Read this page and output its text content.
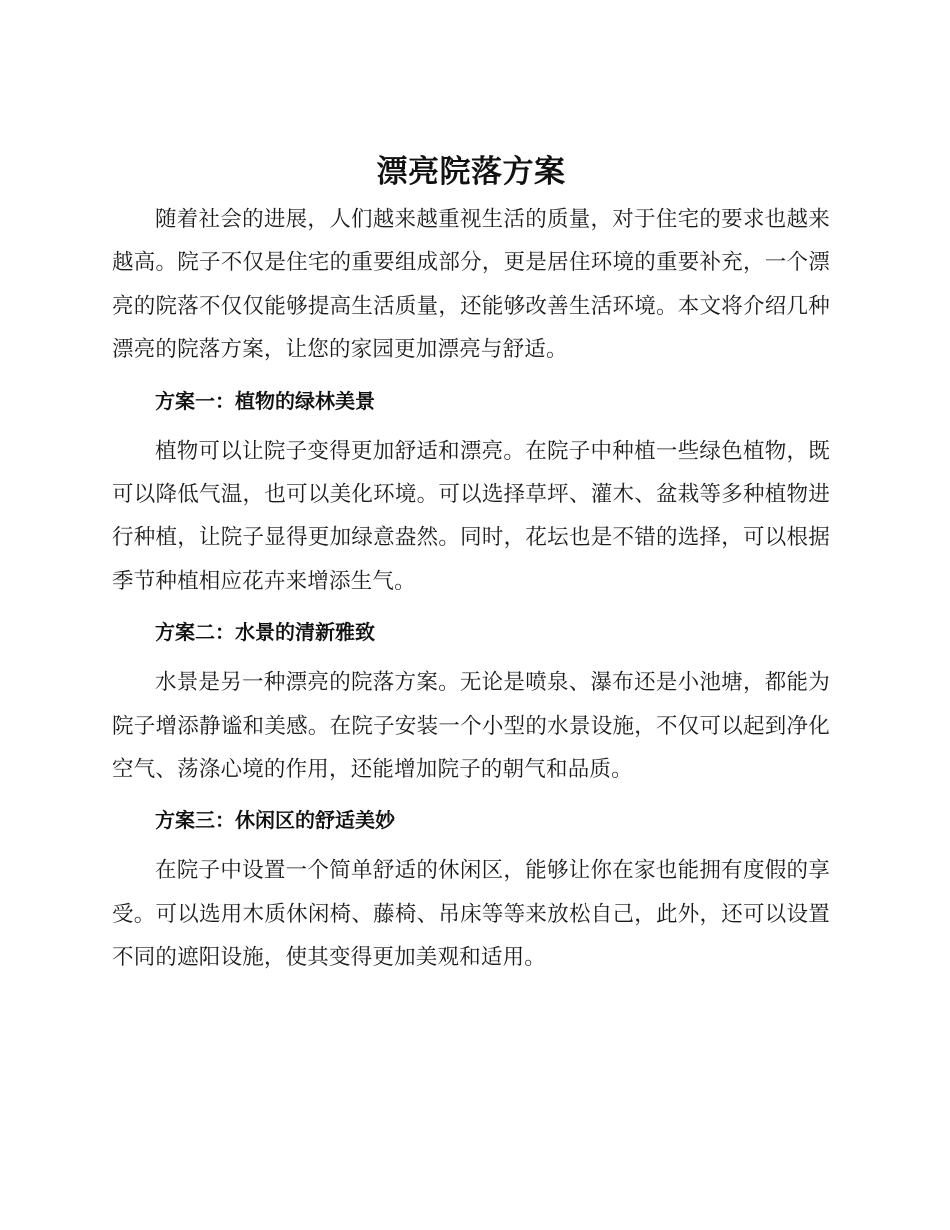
漂亮院落方案

随着社会的进展，人们越来越重视生活的质量，对于住宅的要求也越来越高。院子不仅是住宅的重要组成部分，更是居住环境的重要补充，一个漂亮的院落不仅仅能够提高生活质量，还能够改善生活环境。本文将介绍几种漂亮的院落方案，让您的家园更加漂亮与舒适。

方案一：植物的绿林美景

植物可以让院子变得更加舒适和漂亮。在院子中种植一些绿色植物，既可以降低气温，也可以美化环境。可以选择草坪、灌木、盆栽等多种植物进行种植，让院子显得更加绿意盎然。同时，花坛也是不错的选择，可以根据季节种植相应花卉来增添生气。

方案二：水景的清新雅致

水景是另一种漂亮的院落方案。无论是喷泉、瀑布还是小池塘，都能为院子增添静谧和美感。在院子安装一个小型的水景设施，不仅可以起到净化空气、荡涤心境的作用，还能增加院子的朝气和品质。

方案三：休闲区的舒适美妙

在院子中设置一个简单舒适的休闲区，能够让你在家也能拥有度假的享受。可以选用木质休闲椅、藤椅、吊床等等来放松自己，此外，还可以设置不同的遮阳设施，使其变得更加美观和适用。
